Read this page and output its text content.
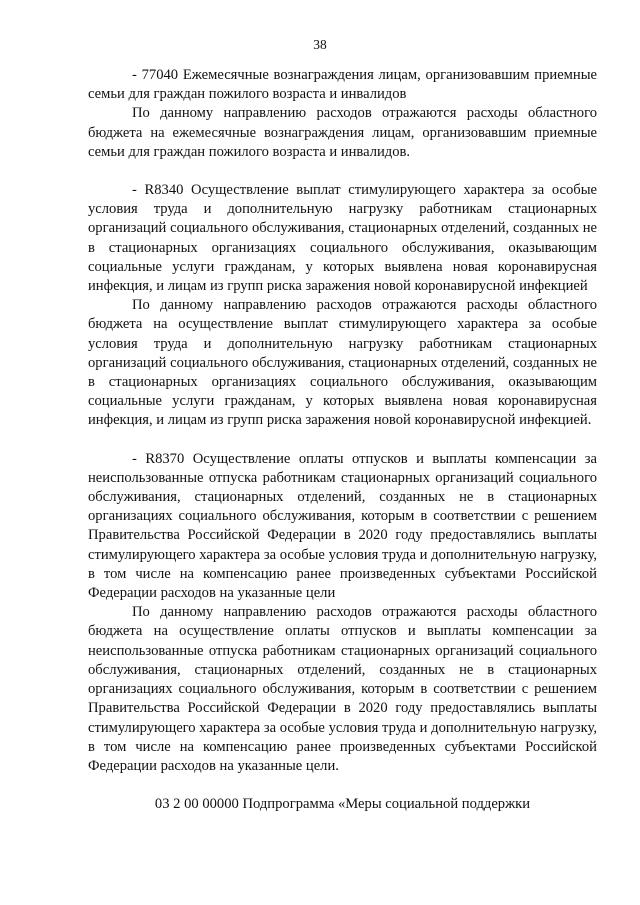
38

- 77040 Ежемесячные вознаграждения лицам, организовавшим приемные семьи для граждан пожилого возраста и инвалидов

По данному направлению расходов отражаются расходы областного бюджета на ежемесячные вознаграждения лицам, организовавшим приемные семьи для граждан пожилого возраста и инвалидов.

- R8340 Осуществление выплат стимулирующего характера за особые условия труда и дополнительную нагрузку работникам стационарных организаций социального обслуживания, стационарных отделений, созданных не в стационарных организациях социального обслуживания, оказывающим социальные услуги гражданам, у которых выявлена новая коронавирусная инфекция, и лицам из групп риска заражения новой коронавирусной инфекцией

По данному направлению расходов отражаются расходы областного бюджета на осуществление выплат стимулирующего характера за особые условия труда и дополнительную нагрузку работникам стационарных организаций социального обслуживания, стационарных отделений, созданных не в стационарных организациях социального обслуживания, оказывающим социальные услуги гражданам, у которых выявлена новая коронавирусная инфекция, и лицам из групп риска заражения новой коронавирусной инфекцией.

- R8370 Осуществление оплаты отпусков и выплаты компенсации за неиспользованные отпуска работникам стационарных организаций социального обслуживания, стационарных отделений, созданных не в стационарных организациях социального обслуживания, которым в соответствии с решением Правительства Российской Федерации в 2020 году предоставлялись выплаты стимулирующего характера за особые условия труда и дополнительную нагрузку, в том числе на компенсацию ранее произведенных субъектами Российской Федерации расходов на указанные цели

По данному направлению расходов отражаются расходы областного бюджета на осуществление оплаты отпусков и выплаты компенсации за неиспользованные отпуска работникам стационарных организаций социального обслуживания, стационарных отделений, созданных не в стационарных организациях социального обслуживания, которым в соответствии с решением Правительства Российской Федерации в 2020 году предоставлялись выплаты стимулирующего характера за особые условия труда и дополнительную нагрузку, в том числе на компенсацию ранее произведенных субъектами Российской Федерации расходов на указанные цели.

03 2 00 00000 Подпрограмма «Меры социальной поддержки
